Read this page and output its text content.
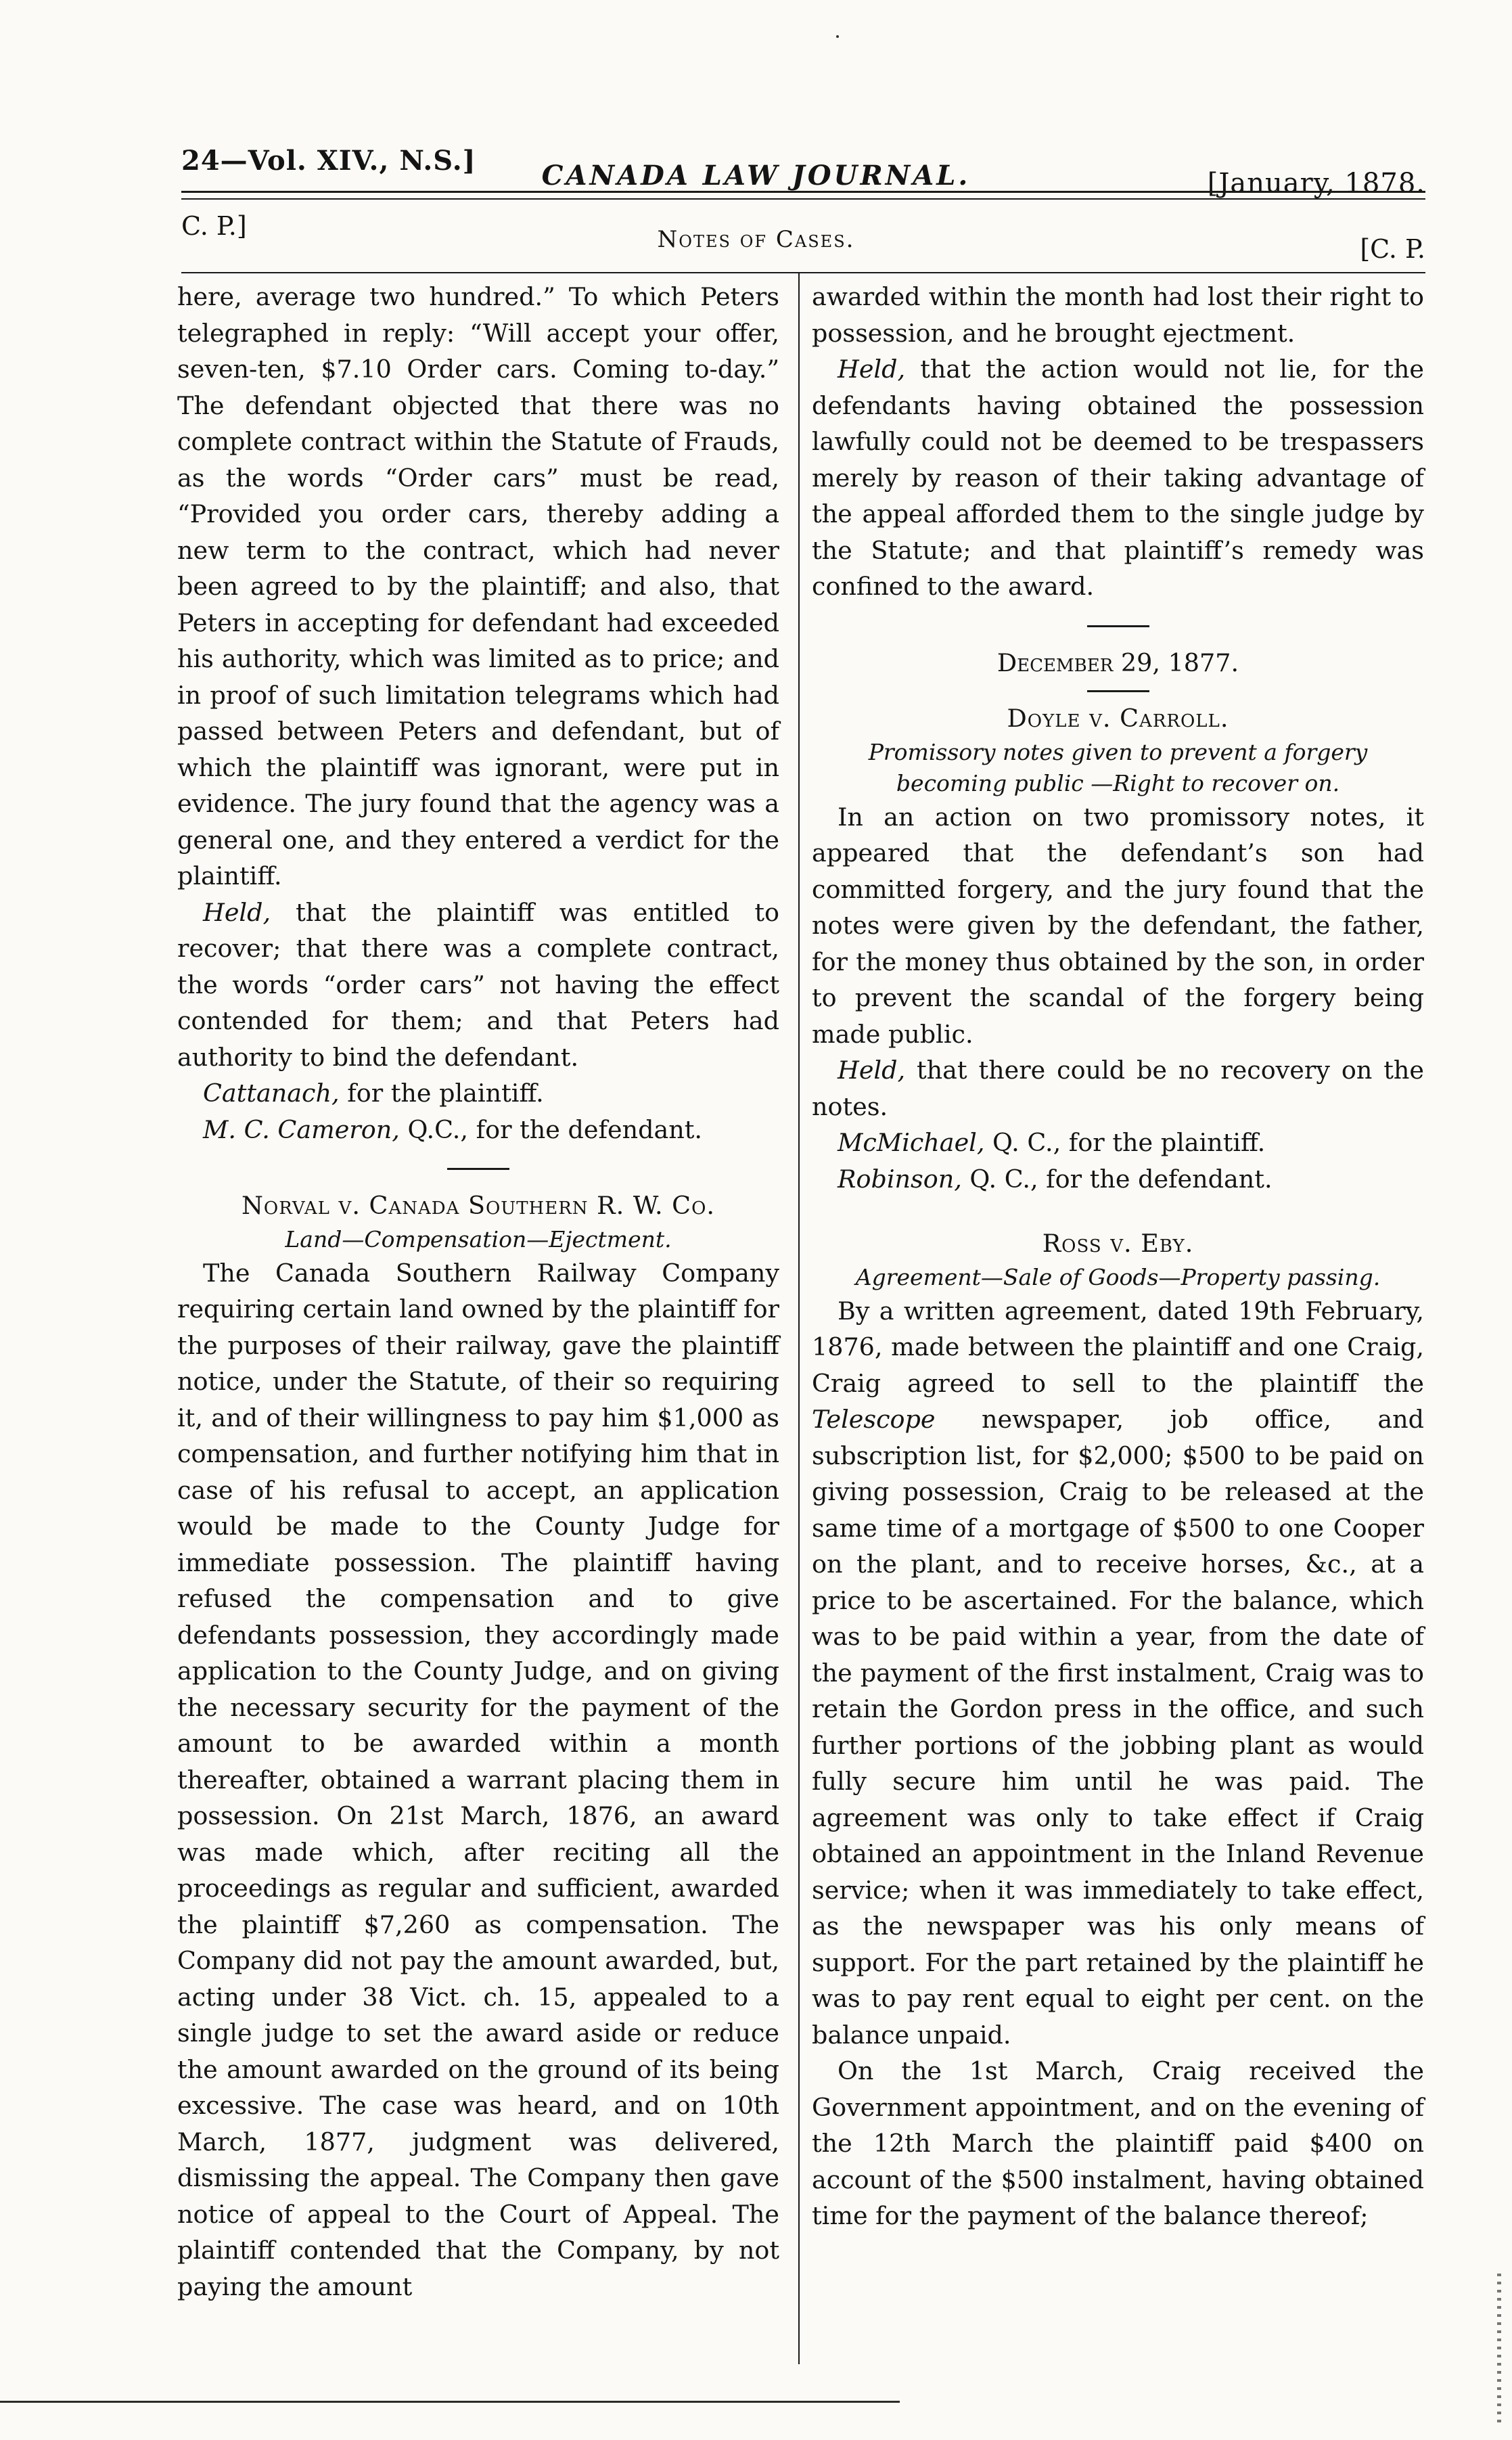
24—Vol. XIV., N.S.]	CANADA LAW JOURNAL.	[January, 1878.
C. P.]	Notes of Cases.	[C. P.

here, average two hundred.” To which Peters telegraphed in reply: “Will accept your offer, seven-ten, $7.10 Order cars. Coming to-day.” The defendant objected that there was no complete contract within the Statute of Frauds, as the words “Order cars” must be read, “Provided you order cars, thereby adding a new term to the contract, which had never been agreed to by the plaintiff; and also, that Peters in accepting for defendant had exceeded his authority, which was limited as to price; and in proof of such limitation telegrams which had passed between Peters and defendant, but of which the plaintiff was ignorant, were put in evidence. The jury found that the agency was a general one, and they entered a verdict for the plaintiff.

Held, that the plaintiff was entitled to recover; that there was a complete contract, the words “order cars” not having the effect contended for them; and that Peters had authority to bind the defendant.

Cattanach, for the plaintiff.

M. C. Cameron, Q.C., for the defendant.

Norval v. Canada Southern R. W. Co.

Land—Compensation—Ejectment.

The Canada Southern Railway Company requiring certain land owned by the plaintiff for the purposes of their railway, gave the plaintiff notice, under the Statute, of their so requiring it, and of their willingness to pay him $1,000 as compensation, and further notifying him that in case of his refusal to accept, an application would be made to the County Judge for immediate possession. The plaintiff having refused the compensation and to give defendants possession, they accordingly made application to the County Judge, and on giving the necessary security for the payment of the amount to be awarded within a month thereafter, obtained a warrant placing them in possession. On 21st March, 1876, an award was made which, after reciting all the proceedings as regular and sufficient, awarded the plaintiff $7,260 as compensation. The Company did not pay the amount awarded, but, acting under 38 Vict. ch. 15, appealed to a single judge to set the award aside or reduce the amount awarded on the ground of its being excessive. The case was heard, and on 10th March, 1877, judgment was delivered, dismissing the appeal. The Company then gave notice of appeal to the Court of Appeal. The plaintiff contended that the Company, by not paying the amount

awarded within the month had lost their right to possession, and he brought ejectment.

Held, that the action would not lie, for the defendants having obtained the possession lawfully could not be deemed to be trespassers merely by reason of their taking advantage of the appeal afforded them to the single judge by the Statute; and that plaintiff’s remedy was confined to the award.

December 29, 1877.

Doyle v. Carroll.

Promissory notes given to prevent a forgery becoming public —Right to recover on.

In an action on two promissory notes, it appeared that the defendant’s son had committed forgery, and the jury found that the notes were given by the defendant, the father, for the money thus obtained by the son, in order to prevent the scandal of the forgery being made public.

Held, that there could be no recovery on the notes.

McMichael, Q. C., for the plaintiff.

Robinson, Q. C., for the defendant.

Ross v. Eby.

Agreement—Sale of Goods—Property passing.

By a written agreement, dated 19th February, 1876, made between the plaintiff and one Craig, Craig agreed to sell to the plaintiff the Telescope newspaper, job office, and subscription list, for $2,000; $500 to be paid on giving possession, Craig to be released at the same time of a mortgage of $500 to one Cooper on the plant, and to receive horses, &c., at a price to be ascertained. For the balance, which was to be paid within a year, from the date of the payment of the first instalment, Craig was to retain the Gordon press in the office, and such further portions of the jobbing plant as would fully secure him until he was paid. The agreement was only to take effect if Craig obtained an appointment in the Inland Revenue service; when it was immediately to take effect, as the newspaper was his only means of support. For the part retained by the plaintiff he was to pay rent equal to eight per cent. on the balance unpaid.

On the 1st March, Craig received the Government appointment, and on the evening of the 12th March the plaintiff paid $400 on account of the $500 instalment, having obtained time for the payment of the balance thereof;
